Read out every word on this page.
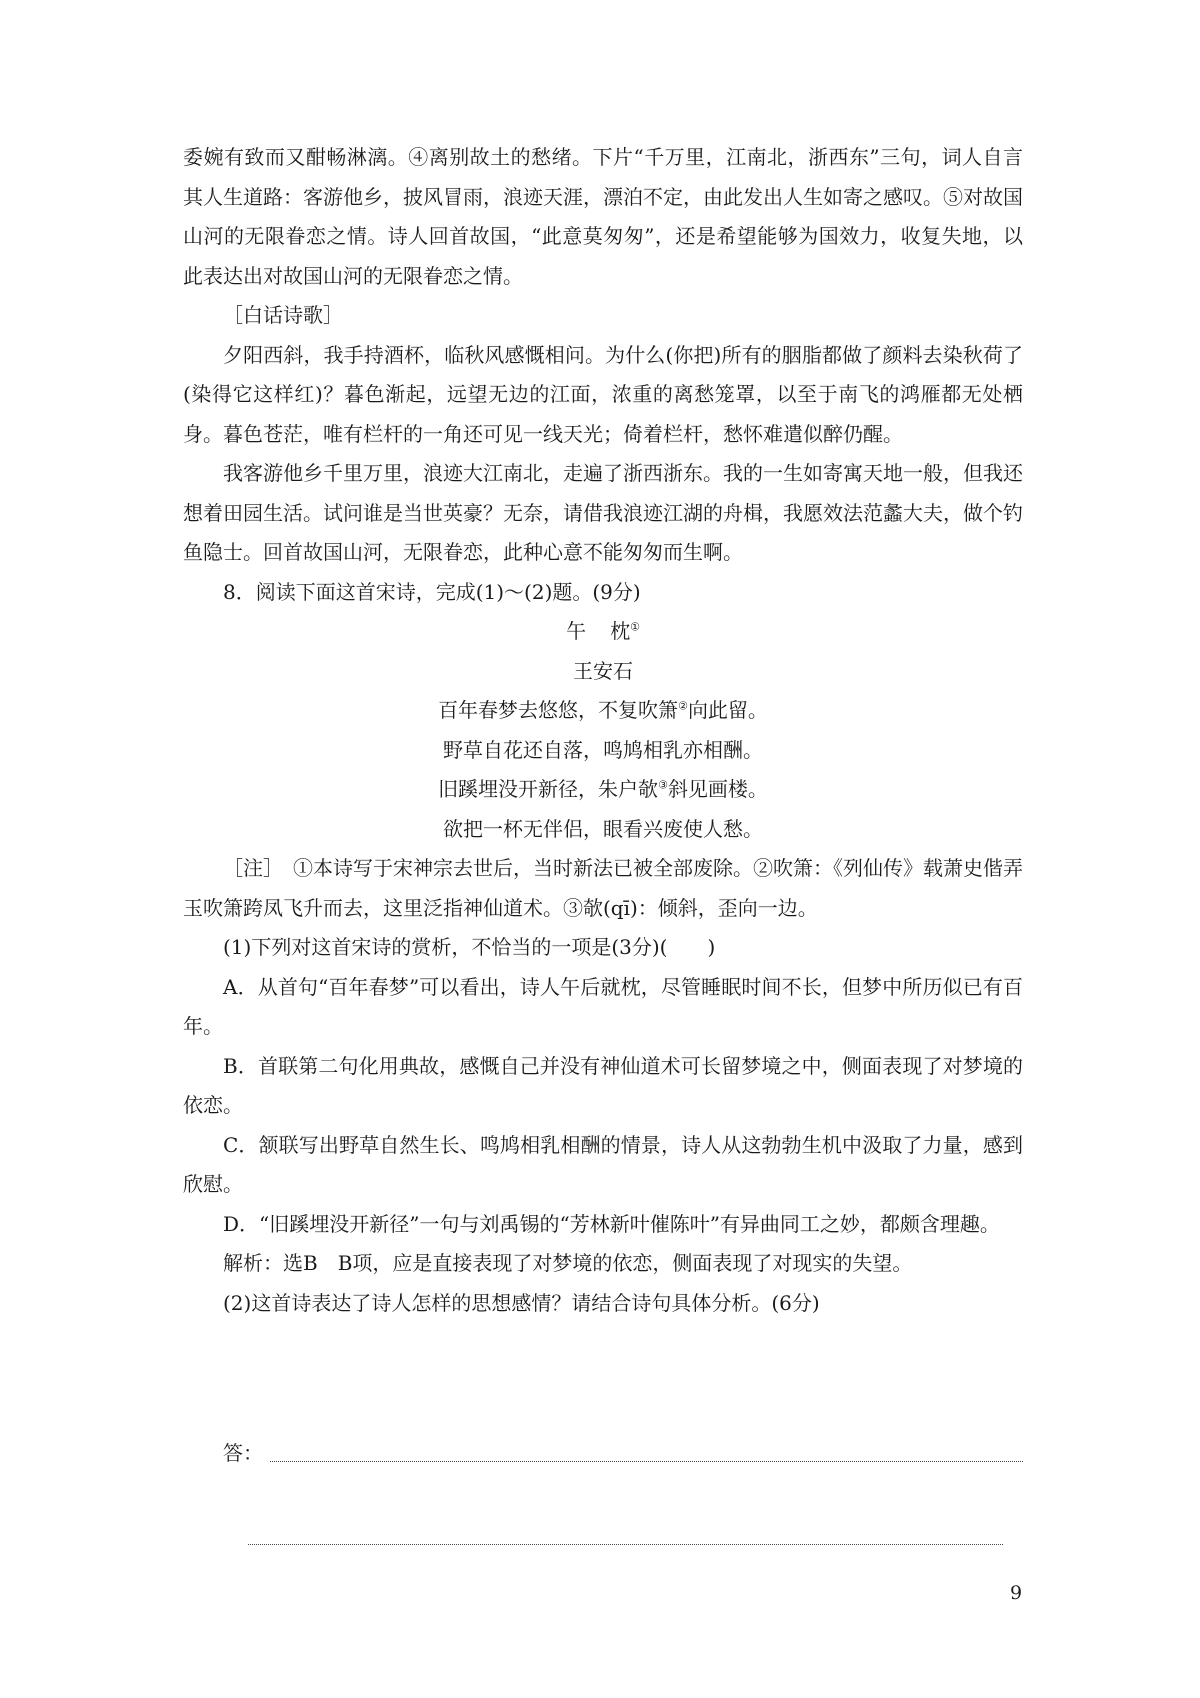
委婉有致而又酣畅淋漓。④离别故土的愁绪。下片“千万里，江南北，浙西东”三句，词人自言其人生道路：客游他乡，披风冒雨，浪迹天涯，漂泊不定，由此发出人生如寄之感叹。⑤对故国山河的无限眷恋之情。诗人回首故国，“此意莫匆匆”，还是希望能够为国效力，收复失地，以此表达出对故国山河的无限眷恋之情。

［白话诗歌］

夕阳西斜，我手持酒杯，临秋风感慨相问。为什么(你把)所有的胭脂都做了颜料去染秋荷了(染得它这样红)？暮色渐起，远望无边的江面，浓重的离愁笼罩，以至于南飞的鸿雁都无处栖身。暮色苍茫，唯有栏杆的一角还可见一线天光；倚着栏杆，愁怀难遣似醉仍醒。

我客游他乡千里万里，浪迹大江南北，走遍了浙西浙东。我的一生如寄寓天地一般，但我还想着田园生活。试问谁是当世英豪？无奈，请借我浪迹江湖的舟楫，我愿效法范蠡大夫，做个钓鱼隐士。回首故国山河，无限眷恋，此种心意不能匆匆而生啊。

8．阅读下面这首宋诗，完成(1)～(2)题。(9分)

午 枕①

王安石

百年春梦去悠悠，不复吹箫②向此留。

野草自花还自落，鸣鸠相乳亦相酬。

旧蹊埋没开新径，朱户欹③斜见画楼。

欲把一杯无伴侣，眼看兴废使人愁。

［注］　①本诗写于宋神宗去世后，当时新法已被全部废除。②吹箫：《列仙传》载萧史偕弄玉吹箫跨凤飞升而去，这里泛指神仙道术。③欹(qī)：倾斜，歪向一边。

(1)下列对这首宋诗的赏析，不恰当的一项是(3分)(　　)

A．从首句“百年春梦”可以看出，诗人午后就枕，尽管睡眠时间不长，但梦中所历似已有百年。

B．首联第二句化用典故，感慨自己并没有神仙道术可长留梦境之中，侧面表现了对梦境的依恋。

C．颔联写出野草自然生长、鸣鸠相乳相酬的情景，诗人从这勃勃生机中汲取了力量，感到欣慰。

D．“旧蹊埋没开新径”一句与刘禹锡的“芳林新叶催陈叶”有异曲同工之妙，都颇含理趣。

解析：选B　B项，应是直接表现了对梦境的依恋，侧面表现了对现实的失望。

(2)这首诗表达了诗人怎样的思想感情？请结合诗句具体分析。(6分)

答：
9
